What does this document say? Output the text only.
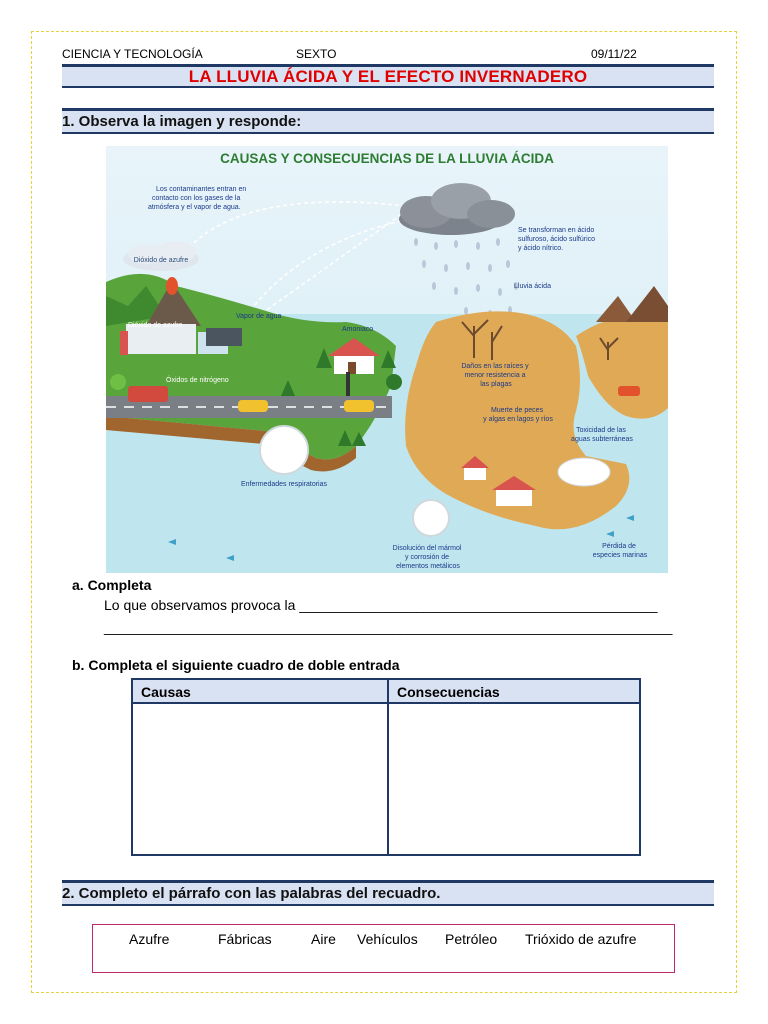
CIENCIA Y TECNOLOGÍA	SEXTO	09/11/22
LA LLUVIA ÁCIDA Y EL EFECTO INVERNADERO
1. Observa la imagen y responde:
CAUSAS Y CONSECUENCIAS DE LA LLUVIA ÁCIDA
Los contaminantes entran en contacto con los gases de la atmósfera y el vapor de agua.
Dióxido de azufre
Se transforman en ácido sulfuroso, ácido sulfúrico y ácido nítrico.
Lluvia ácida
Dióxido de azufre
Vapor de agua
Amoniaco
Óxidos de nitrógeno
Enfermedades respiratorias
Daños en las raíces y menor resistencia a las plagas
Muerte de peces y algas en lagos y ríos
Toxicidad de las aguas subterráneas
Disolución del mármol y corrosión de elementos metálicos
Pérdida de especies marinas
a. Completa
Lo que observamos provoca la ______________________________________________
_________________________________________________________________________
b. Completa el siguiente cuadro de doble entrada
Causas	Consecuencias

2. Completo el párrafo con las palabras del recuadro.
Azufre	Fábricas	Aire Vehículos Petróleo Trióxido de azufre
